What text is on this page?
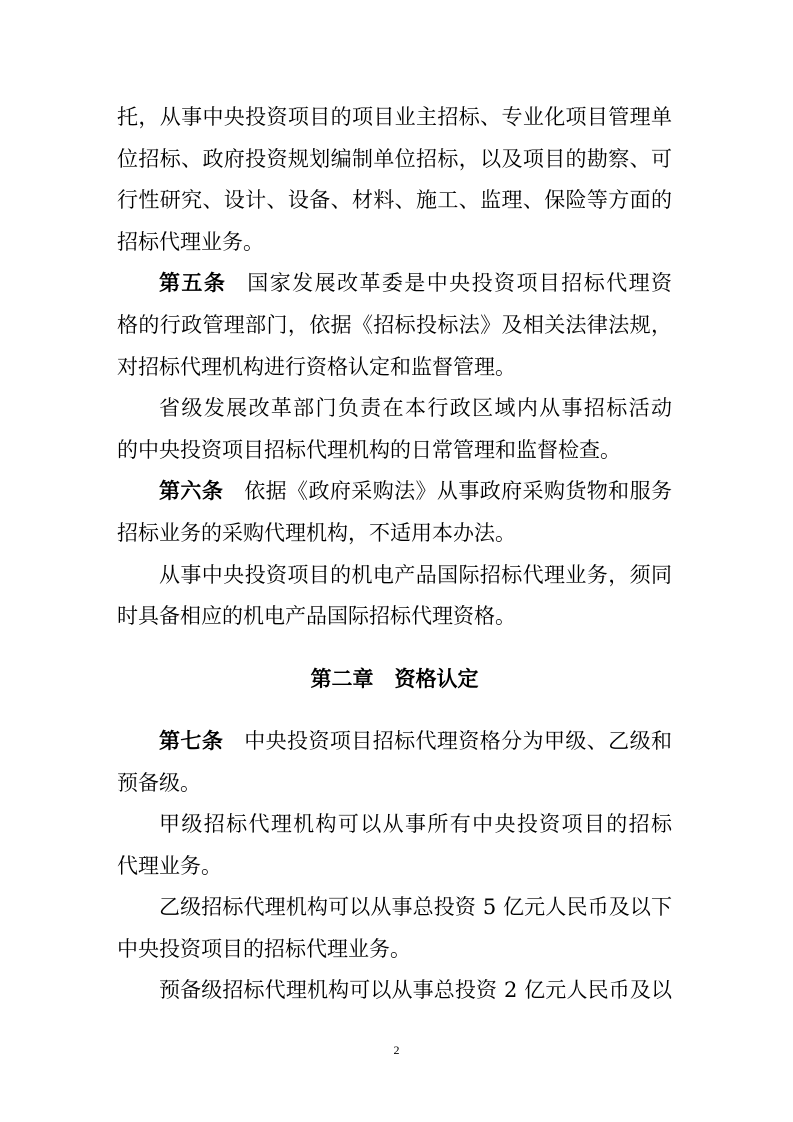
托，从事中央投资项目的项目业主招标、专业化项目管理单
位招标、政府投资规划编制单位招标，以及项目的勘察、可
行性研究、设计、设备、材料、施工、监理、保险等方面的
招标代理业务。
第五条 国家发展改革委是中央投资项目招标代理资
格的行政管理部门，依据《招标投标法》及相关法律法规，
对招标代理机构进行资格认定和监督管理。
省级发展改革部门负责在本行政区域内从事招标活动
的中央投资项目招标代理机构的日常管理和监督检查。
第六条 依据《政府采购法》从事政府采购货物和服务
招标业务的采购代理机构，不适用本办法。
从事中央投资项目的机电产品国际招标代理业务，须同
时具备相应的机电产品国际招标代理资格。
第二章　资格认定
第七条 中央投资项目招标代理资格分为甲级、乙级和
预备级。
甲级招标代理机构可以从事所有中央投资项目的招标
代理业务。
乙级招标代理机构可以从事总投资 5 亿元人民币及以下
中央投资项目的招标代理业务。
预备级招标代理机构可以从事总投资 2 亿元人民币及以
2
